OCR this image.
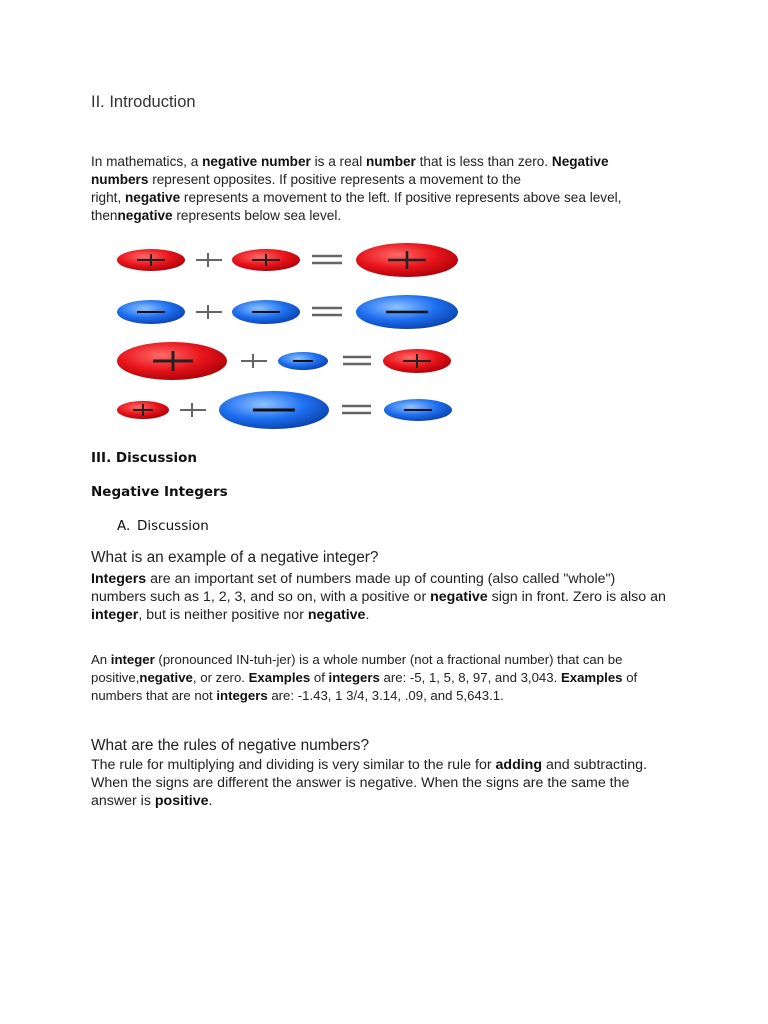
II. Introduction

In mathematics, a negative number is a real number that is less than zero. Negative numbers represent opposites. If positive represents a movement to the
right, negative represents a movement to the left. If positive represents above sea level,
thennegative represents below sea level.

III. Discussion
Negative Integers
A. Discussion
What is an example of a negative integer?

Integers are an important set of numbers made up of counting (also called "whole") numbers such as 1, 2, 3, and so on, with a positive or negative sign in front. Zero is also an integer, but is neither positive nor negative.

An integer (pronounced IN-tuh-jer) is a whole number (not a fractional number) that can be positive,negative, or zero. Examples of integers are: -5, 1, 5, 8, 97, and 3,043. Examples of numbers that are not integers are: -1.43, 1 3/4, 3.14, .09, and 5,643.1.

What are the rules of negative numbers?

The rule for multiplying and dividing is very similar to the rule for adding and subtracting. When the signs are different the answer is negative. When the signs are the same the answer is positive.
